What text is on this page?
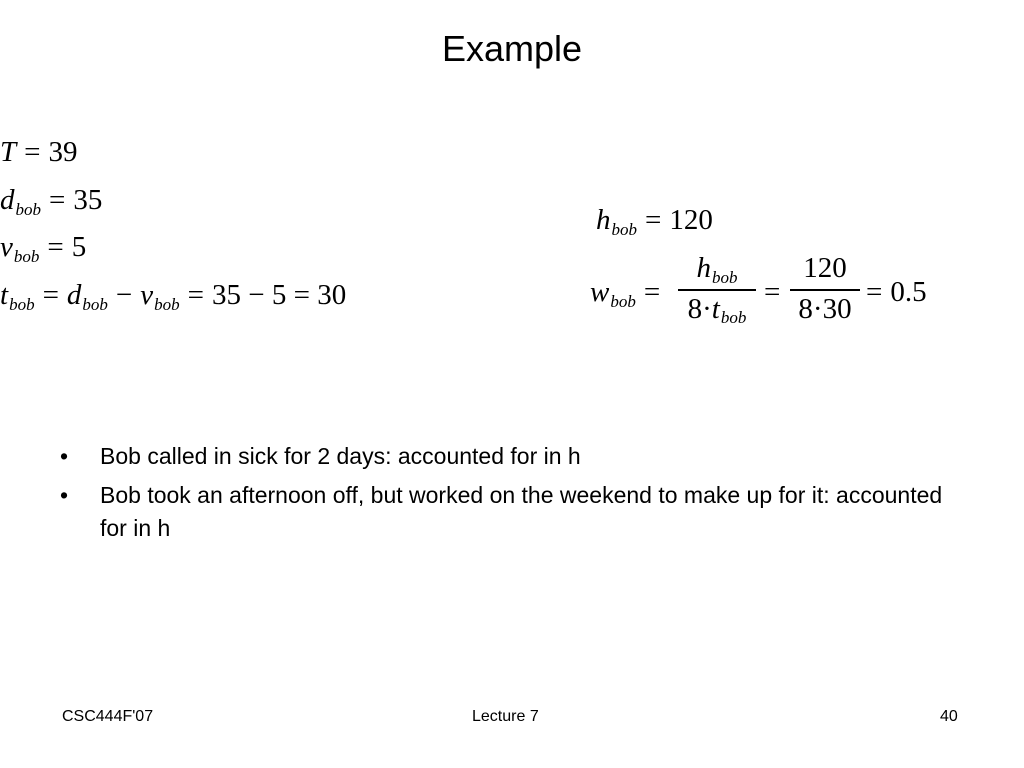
Example
T = 39
$d_{bob} = 35$
$v_{bob} = 5$
$t_{bob} = d_{bob} - v_{bob} = 35 - 5 = 30$
$h_{bob} = 120$
$w_{bob}$ =
$h_{bob}$
$8\cdot t_{bob}$
=
120
8·30
= 0.5
•	Bob called in sick for 2 days: accounted for in h
•	Bob took an afternoon off, but worked on the weekend to make up for it: accounted for in h
CSC444F'07	Lecture 7	40
